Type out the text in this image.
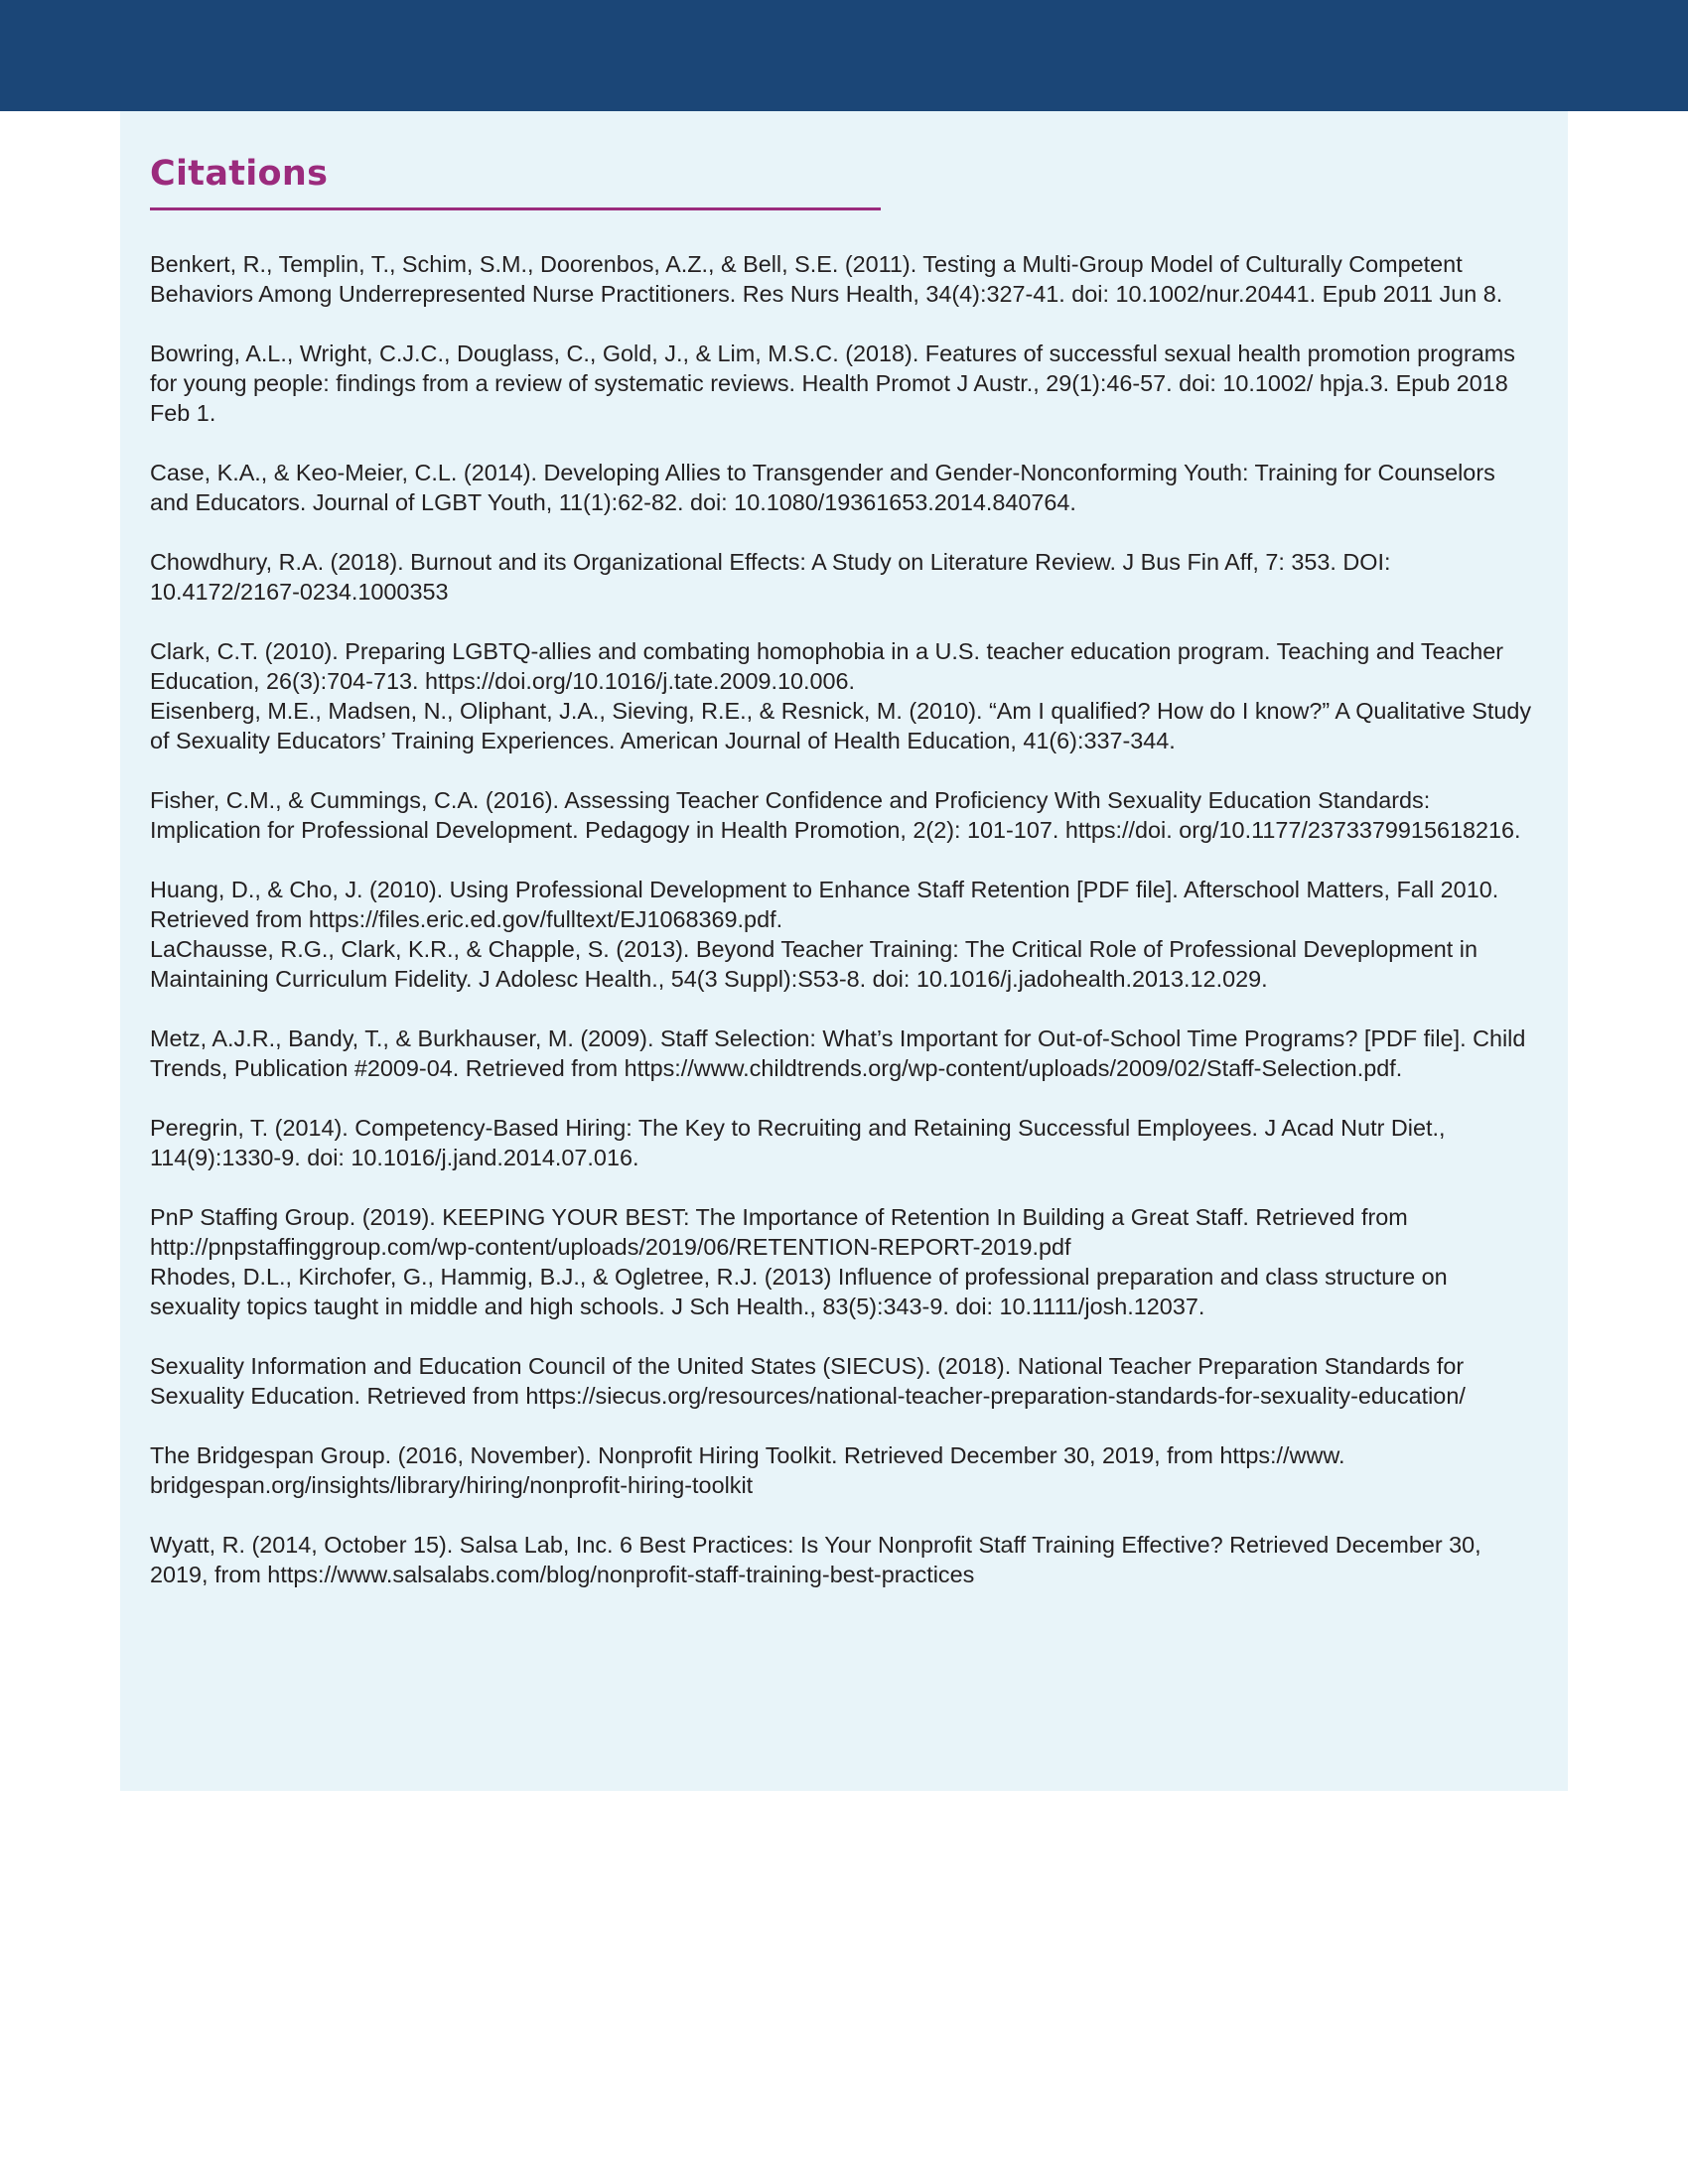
Citations

Benkert, R., Templin, T., Schim, S.M., Doorenbos, A.Z., & Bell, S.E. (2011). Testing a Multi-Group Model of Culturally Competent Behaviors Among Underrepresented Nurse Practitioners. Res Nurs Health, 34(4):327-41. doi: 10.1002/nur.20441. Epub 2011 Jun 8.

Bowring, A.L., Wright, C.J.C., Douglass, C., Gold, J., & Lim, M.S.C. (2018). Features of successful sexual health promotion programs for young people: findings from a review of systematic reviews. Health Promot J Austr., 29(1):46-57. doi: 10.1002/ hpja.3. Epub 2018 Feb 1.

Case, K.A., & Keo-Meier, C.L. (2014). Developing Allies to Transgender and Gender-Nonconforming Youth: Training for Counselors and Educators. Journal of LGBT Youth, 11(1):62-82. doi: 10.1080/19361653.2014.840764.

Chowdhury, R.A. (2018). Burnout and its Organizational Effects: A Study on Literature Review. J Bus Fin Aff, 7: 353. DOI: 10.4172/2167-0234.1000353

Clark, C.T. (2010). Preparing LGBTQ-allies and combating homophobia in a U.S. teacher education program. Teaching and Teacher Education, 26(3):704-713. https://doi.org/10.1016/j.tate.2009.10.006.

Eisenberg, M.E., Madsen, N., Oliphant, J.A., Sieving, R.E., & Resnick, M. (2010). “Am I qualified? How do I know?” A Qualitative Study of Sexuality Educators’ Training Experiences. American Journal of Health Education, 41(6):337-344.

Fisher, C.M., & Cummings, C.A. (2016). Assessing Teacher Confidence and Proficiency With Sexuality Education Standards: Implication for Professional Development. Pedagogy in Health Promotion, 2(2): 101-107. https://doi. org/10.1177/2373379915618216.

Huang, D., & Cho, J. (2010). Using Professional Development to Enhance Staff Retention [PDF file]. Afterschool Matters, Fall 2010. Retrieved from https://files.eric.ed.gov/fulltext/EJ1068369.pdf.

LaChausse, R.G., Clark, K.R., & Chapple, S. (2013). Beyond Teacher Training: The Critical Role of Professional Deveplopment in Maintaining Curriculum Fidelity. J Adolesc Health., 54(3 Suppl):S53-8. doi: 10.1016/j.jadohealth.2013.12.029.

Metz, A.J.R., Bandy, T., & Burkhauser, M. (2009). Staff Selection: What’s Important for Out-of-School Time Programs? [PDF file]. Child Trends, Publication #2009-04. Retrieved from https://www.childtrends.org/wp-content/uploads/2009/02/Staff-Selection.pdf.

Peregrin, T. (2014). Competency-Based Hiring: The Key to Recruiting and Retaining Successful Employees. J Acad Nutr Diet., 114(9):1330-9. doi: 10.1016/j.jand.2014.07.016.

PnP Staffing Group. (2019). KEEPING YOUR BEST: The Importance of Retention In Building a Great Staff. Retrieved from http://pnpstaffinggroup.com/wp-content/uploads/2019/06/RETENTION-REPORT-2019.pdf

Rhodes, D.L., Kirchofer, G., Hammig, B.J., & Ogletree, R.J. (2013) Influence of professional preparation and class structure on sexuality topics taught in middle and high schools. J Sch Health., 83(5):343-9. doi: 10.1111/josh.12037.

Sexuality Information and Education Council of the United States (SIECUS). (2018). National Teacher Preparation Standards for Sexuality Education. Retrieved from https://siecus.org/resources/national-teacher-preparation-standards-for-sexuality-education/

The Bridgespan Group. (2016, November). Nonprofit Hiring Toolkit. Retrieved December 30, 2019, from https://www. bridgespan.org/insights/library/hiring/nonprofit-hiring-toolkit

Wyatt, R. (2014, October 15). Salsa Lab, Inc. 6 Best Practices: Is Your Nonprofit Staff Training Effective? Retrieved December 30, 2019, from https://www.salsalabs.com/blog/nonprofit-staff-training-best-practices
